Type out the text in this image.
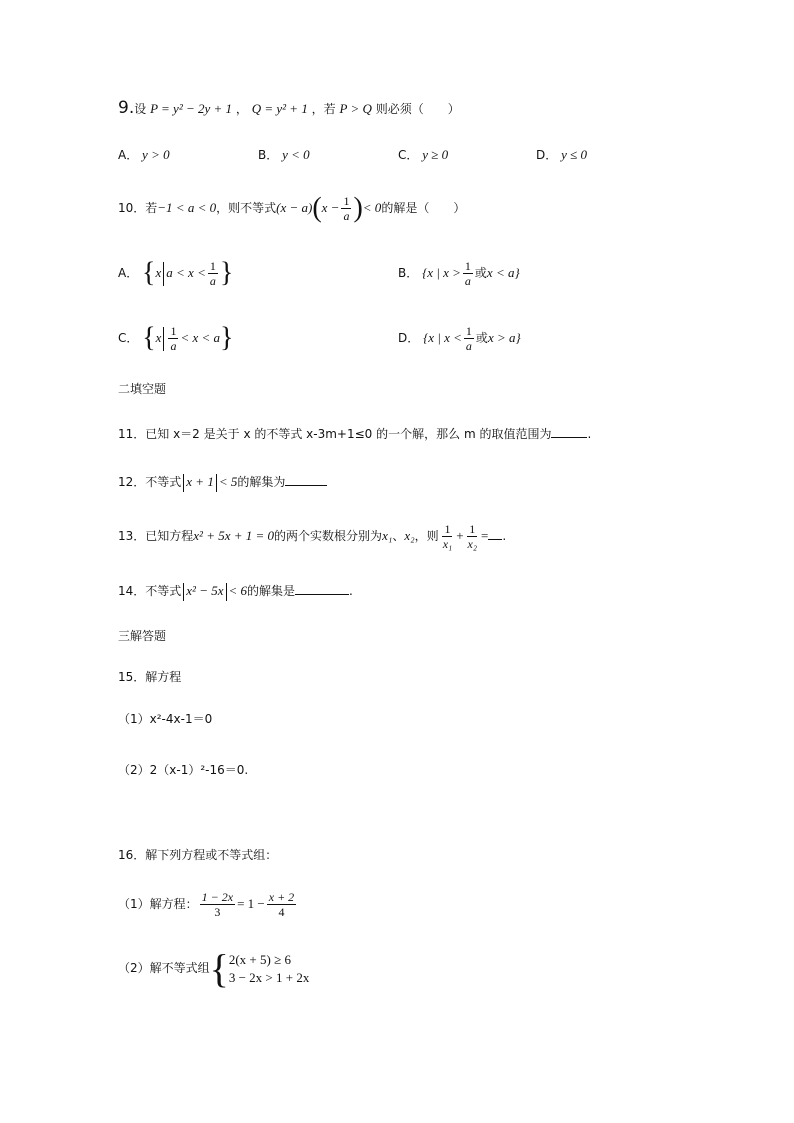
9.设 P = y² − 2y + 1 ， Q = y² + 1 ，若 P > Q 则必须（　　）
A． y > 0	B． y < 0	C． y ≥ 0	D． y ≤ 0
10．若−1 < a < 0，则不等式$(x - a)(x - \frac{1}{a}$ )< 0的解是（　　）
A． {x $a < x < \frac{1}{a}$ }	B． {x | $x > \frac{1}{a}$ 或x < a}
C． $\{x \frac{1}{a} < x < a\}$	D． {x | $x < \frac{1}{a}$ 或x > a}
二填空题
11．已知 x＝2 是关于 x 的不等式 x-3m+1≤0 的一个解，那么 m 的取值范围为	.
12．不等式 x + 1 < 5的解集为
13．已知方程x² + 5x + 1 = 0的两个实数根分别为x₁、x₂，则 $\frac{1}{\text{x₁}} + \frac{1}{\text{x₂}}$ = .
14．不等式 x² − 5x < 6的解集是	.
三解答题
15．解方程
（1）x²-4x-1＝0
（2）2（x-1）²-16＝0.
16．解下列方程或不等式组：
（1）解方程： $\frac{1 - 2x}{3} = 1 - \frac{x + 2}{4}$
（2）解不等式组 { 2(x + 5) ≥ 6
3 − 2x > 1 + 2x
